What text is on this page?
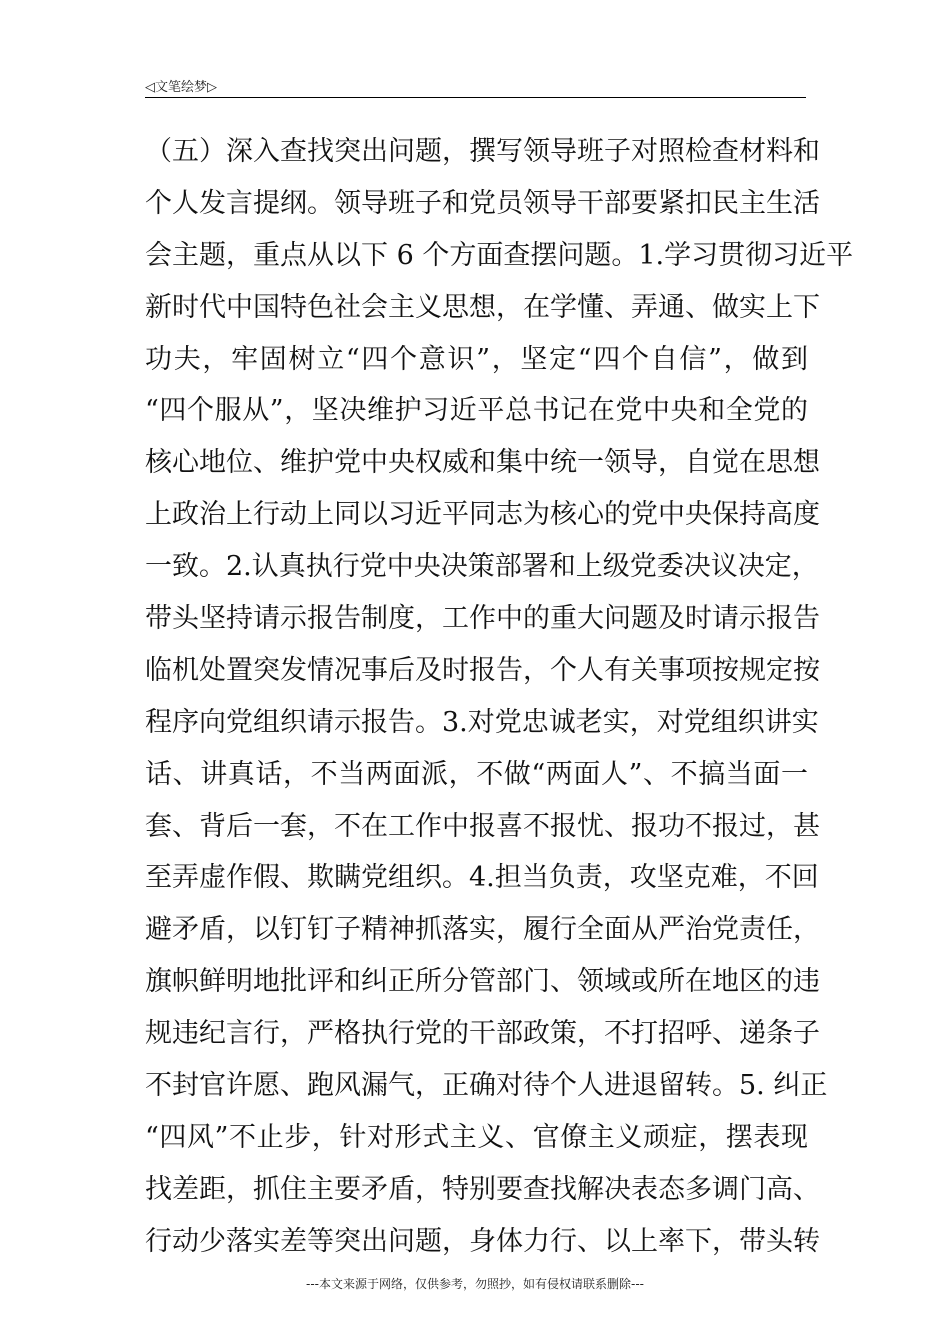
◁文笔绘梦▷
（五）深入查找突出问题，撰写领导班子对照检查材料和
个人发言提纲。领导班子和党员领导干部要紧扣民主生活
会主题，重点从以下 6 个方面查摆问题。1.学习贯彻习近平
新时代中国特色社会主义思想，在学懂、弄通、做实上下
功夫，牢固树立“四个意识”，坚定“四个自信”，做到
“四个服从”，坚决维护习近平总书记在党中央和全党的
核心地位、维护党中央权威和集中统一领导，自觉在思想
上政治上行动上同以习近平同志为核心的党中央保持高度
一致。2.认真执行党中央决策部署和上级党委决议决定，
带头坚持请示报告制度，工作中的重大问题及时请示报告
临机处置突发情况事后及时报告，个人有关事项按规定按
程序向党组织请示报告。3.对党忠诚老实，对党组织讲实
话、讲真话，不当两面派，不做“两面人”、不搞当面一
套、背后一套，不在工作中报喜不报忧、报功不报过，甚
至弄虚作假、欺瞒党组织。4.担当负责，攻坚克难，不回
避矛盾，以钉钉子精神抓落实，履行全面从严治党责任，
旗帜鲜明地批评和纠正所分管部门、领域或所在地区的违
规违纪言行，严格执行党的干部政策，不打招呼、递条子
不封官许愿、跑风漏气，正确对待个人进退留转。5. 纠正
“四风”不止步，针对形式主义、官僚主义顽症，摆表现
找差距，抓住主要矛盾，特别要查找解决表态多调门高、
行动少落实差等突出问题，身体力行、以上率下，带头转
---本文来源于网络，仅供参考，勿照抄，如有侵权请联系删除---
